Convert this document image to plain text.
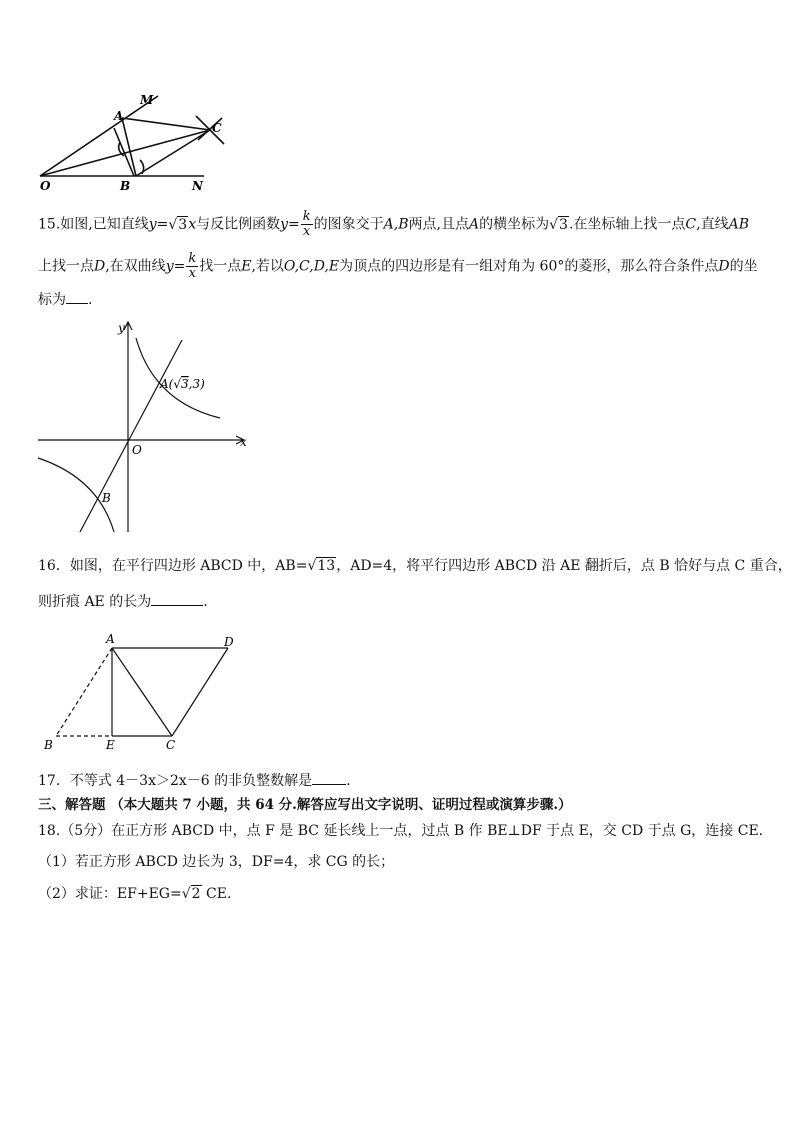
M
A
C
O	B	N
15.如图,已知直线y=√3x与反比例函数$y= \frac{k}{x}$ 的图象交于A,B两点,且点A的横坐标为√3.在坐标轴上找一点C,直线AB
上找一点D,在双曲线$y= \frac{k}{x}$ 找一点E,若以O,C,D,E为顶点的四边形是有一组对角为 60°的菱形，那么符合条件点D的坐
标为 .
y
x
O
A(√3,3)
B
16．如图，在平行四边形 ABCD 中，AB=√13，AD=4，将平行四边形 ABCD 沿 AE 翻折后，点 B 恰好与点 C 重合，
则折痕 AE 的长为	.
A	D
B	E	C
17．不等式 4－3x＞2x－6 的非负整数解是 .
三、解答题 （本大题共 7 小题，共 64 分.解答应写出文字说明、证明过程或演算步骤.）
18.（5分）在正方形 ABCD 中，点 F 是 BC 延长线上一点，过点 B 作 BE⊥DF 于点 E，交 CD 于点 G，连接 CE.
（1）若正方形 ABCD 边长为 3，DF=4，求 CG 的长；
（2）求证：EF+EG=√2 CE.
